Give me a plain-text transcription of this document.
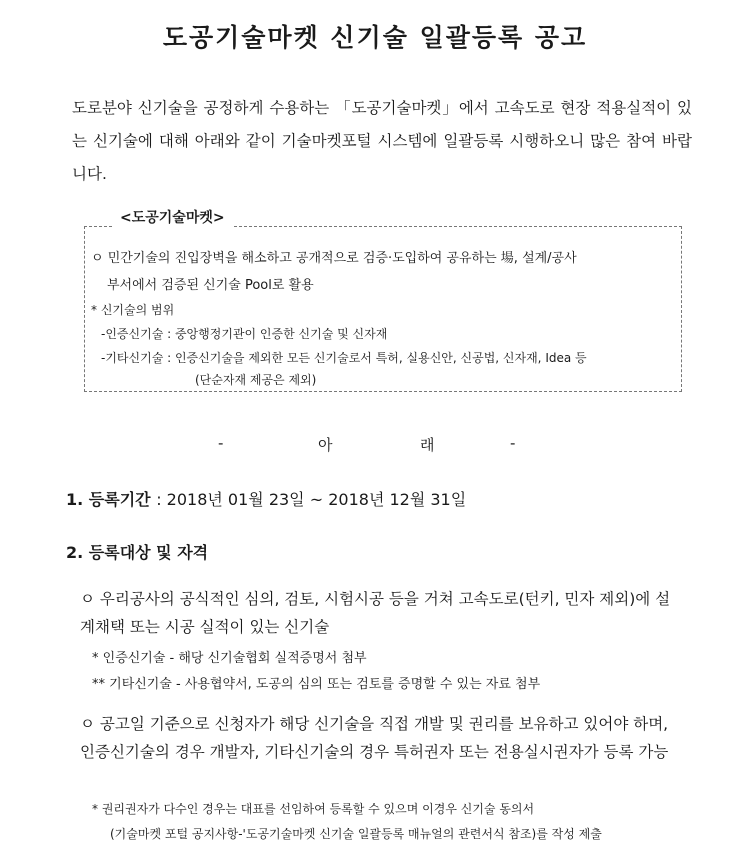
도공기술마켓 신기술 일괄등록 공고
도로분야 신기술을 공정하게 수용하는 「도공기술마켓」에서 고속도로 현장 적용실적이 있는 신기술에 대해 아래와 같이 기술마켓포털 시스템에 일괄등록 시행하오니 많은 참여 바랍니다.
ㅇ 민간기술의 진입장벽을 해소하고 공개적으로 검증·도입하여 공유하는 場, 설계/공사
부서에서 검증된 신기술 Pool로 활용
* 신기술의 범위
-인증신기술 : 중앙행정기관이 인증한 신기술 및 신자재
-기타신기술 : 인증신기술을 제외한 모든 신기술로서 특허, 실용신안, 신공법, 신자재, Idea 등
(단순자재 제공은 제외)
<도공기술마켓>
-	아	래	-
1. 등록기간 : 2018년 01월 23일 ~ 2018년 12월 31일
2. 등록대상 및 자격
ㅇ 우리공사의 공식적인 심의, 검토, 시험시공 등을 거쳐 고속도로(턴키, 민자 제외)에 설계채택 또는 시공 실적이 있는 신기술
* 인증신기술 - 해당 신기술협회 실적증명서 첨부
** 기타신기술 - 사용협약서, 도공의 심의 또는 검토를 증명할 수 있는 자료 첨부
ㅇ 공고일 기준으로 신청자가 해당 신기술을 직접 개발 및 권리를 보유하고 있어야 하며, 인증신기술의 경우 개발자, 기타신기술의 경우 특허권자 또는 전용실시권자가 등록 가능
* 권리권자가 다수인 경우는 대표를 선임하여 등록할 수 있으며 이경우 신기술 동의서
(기술마켓 포털 공지사항-'도공기술마켓 신기술 일괄등록 매뉴얼의 관련서식 참조)를 작성 제출
